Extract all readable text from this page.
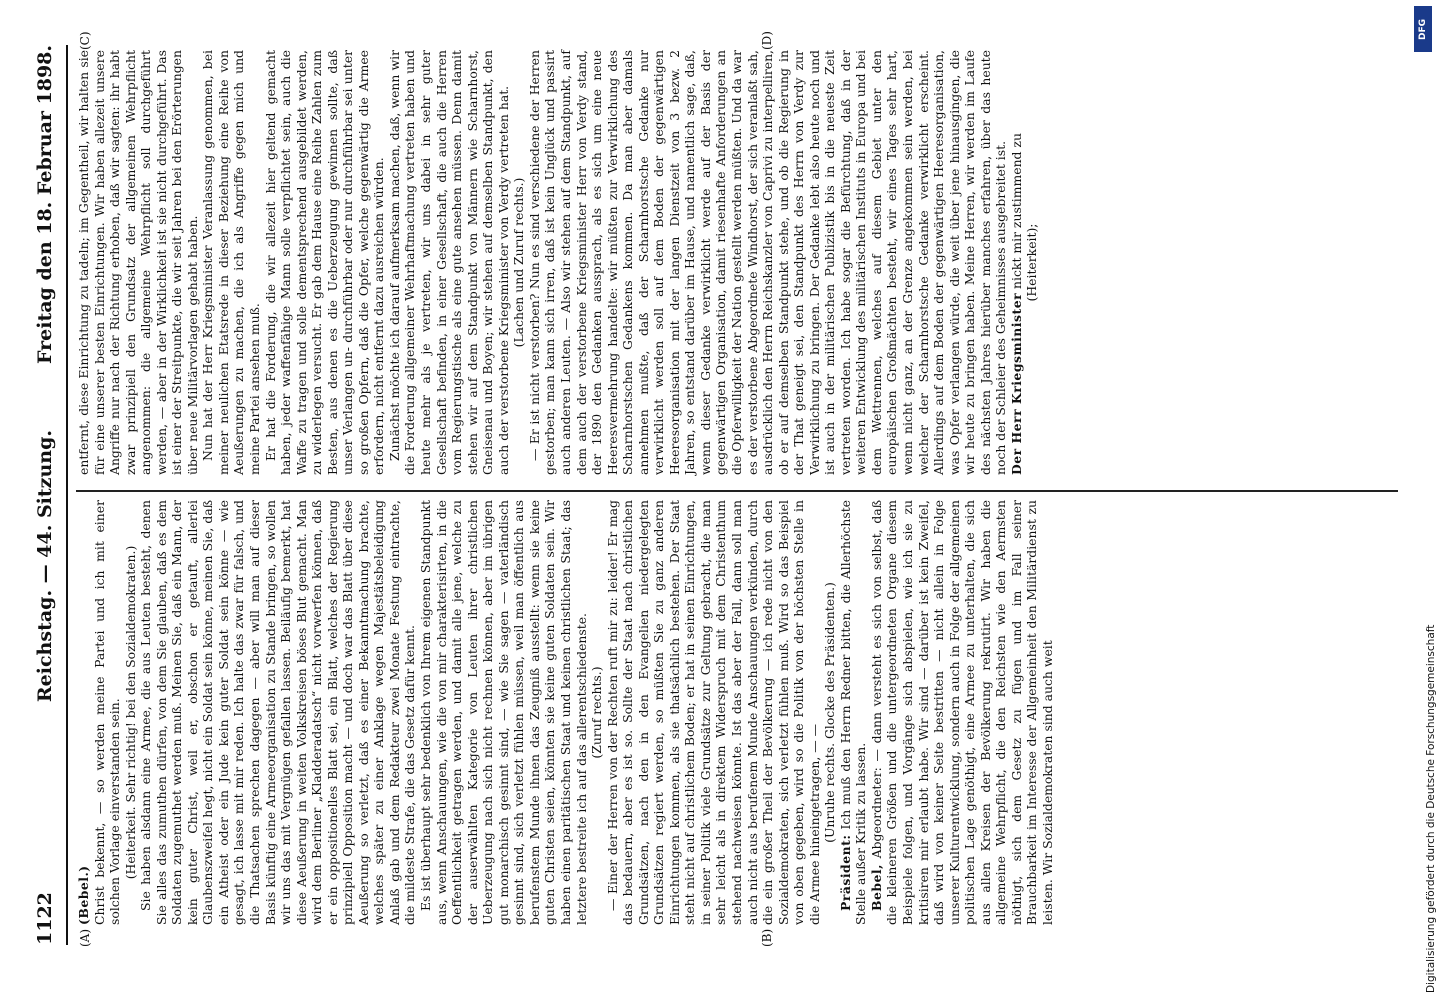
1122
Reichstag. — 44. Sitzung.
Freitag den 18. Februar 1898.
(A)	(B)
(C)	(D)

(Bebel.) Christ bekennt, — so werden meine Partei und ich mit einer solchen Vorlage einverstanden sein. (Heiterkeit. Sehr richtig! bei den Sozialdemokraten.) Sie haben alsdann eine Armee, die aus Leuten besteht, denen Sie alles das zumuthen dürfen, von dem Sie glauben, daß es dem Soldaten zugemuthet werden muß. Meinen Sie, daß ein Mann, der kein guter Christ, weil er, obschon er getauft, allerlei Glaubenszweifel hegt, nicht ein Soldat sein könne, meinen Sie, daß ein Atheist oder ein Jude kein guter Soldat sein könne — wie gesagt, ich lasse mit mir reden. Ich halte das zwar für falsch, und die Thatsachen sprechen dagegen — aber will man auf dieser Basis künftig eine Armeeorganisation zu Stande bringen, so wollen wir uns das mit Vergnügen gefallen lassen. Beiläufig bemerkt, hat diese Aeußerung in weiten Volkskreisen böses Blut gemacht. Man wird dem Berliner „Kladderadatsch“ nicht vorwerfen können, daß er ein oppositionelles Blatt sei, ein Blatt, welches der Regierung prinzipiell Opposition macht — und doch war das Blatt über diese Aeußerung so verletzt, daß es einer Bekanntmachung brachte, welches später zu einer Anklage wegen Majestätsbeleidigung Anlaß gab und dem Redakteur zwei Monate Festung eintrachte, die mildeste Strafe, die das Gesetz dafür kennt. Es ist überhaupt sehr bedenklich von Ihrem eigenen Standpunkt aus, wenn Anschauungen, wie die von mir charakterisirten, in die Oeffentlichkeit getragen werden, und damit alle jene, welche zu der auserwählten Kategorie von Leuten ihrer christlichen Ueberzeugung nach sich nicht rechnen können, aber im übrigen gut monarchisch gesinnt sind, — wie Sie sagen — vaterländisch gesinnt sind, sich verletzt fühlen müssen, weil man öffentlich aus berufenstem Munde ihnen das Zeugniß ausstellt: wenn sie keine guten Christen seien, könnten sie keine guten Soldaten sein. Wir haben einen paritätischen Staat und keinen christlichen Staat; das letztere bestreite ich auf das allerentschiedenste. (Zuruf rechts.) — Einer der Herren von der Rechten ruft mir zu: leider! Er mag das bedauern, aber es ist so. Sollte der Staat nach christlichen Grundsätzen, nach den in den Evangelien niedergelegten Grundsätzen regiert werden, so müßten Sie zu ganz anderen Einrichtungen kommen, als sie thatsächlich bestehen. Der Staat steht nicht auf christlichem Boden; er hat in seinen Einrichtungen, in seiner Politik viele Grundsätze zur Geltung gebracht, die man sehr leicht als in direktem Widerspruch mit dem Christenthum stehend nachweisen könnte. Ist das aber der Fall, dann soll man auch nicht aus berufenem Munde Anschauungen verkünden, durch die ein großer Theil der Bevölkerung — ich rede nicht von den Sozialdemokraten, sich verletzt fühlen muß. Wird so das Beispiel von oben gegeben, wird so die Politik von der höchsten Stelle in die Armee hineingetragen, — — (Unruhe rechts. Glocke des Präsidenten.)

Präsident: Ich muß den Herrn Redner bitten, die Allerhöchste Stelle außer Kritik zu lassen. Bebel, Abgeordneter: — dann versteht es sich von selbst, daß die kleineren Größen und die untergeordneten Organe diesem Beispiele folgen, und Vorgänge sich abspielen, wie ich sie zu kritisiren mir erlaubt habe. Wir sind — darüber ist kein Zweifel, daß wird von keiner Seite bestritten — nicht allein in Folge unserer Kulturentwicklung, sondern auch in Folge der allgemeinen politischen Lage genöthigt, eine Armee zu unterhalten, die sich aus allen Kreisen der Bevölkerung rekrutirt. Wir haben die allgemeine Wehrpflicht, die den Reichsten wie den Aermsten nöthigt, sich dem Gesetz zu fügen und im Fall seiner Brauchbarkeit im Interesse der Allgemeinheit den Militärdienst zu leisten. Wir Sozialdemokraten sind auch weit

entfernt, diese Einrichtung zu tadeln; im Gegentheil, wir halten sie für eine unserer besten Einrichtungen. Wir haben allezeit unsere Angriffe nur nach der Richtung erhoben, daß wir sagten: ihr habt zwar prinzipiell den Grundsatz der allgemeinen Wehrpflicht angenommen: die allgemeine Wehrpflicht soll durchgeführt werden, — aber in der Wirklichkeit ist sie nicht durchgeführt. Das ist einer der Streitpunkte, die wir seit Jahren bei den Erörterungen über neue Militärvorlagen gehabt haben. Nun hat der Herr Kriegsminister Veranlassung genommen, bei meiner neulichen Etatsrede in dieser Beziehung eine Reihe von Aeußerungen zu machen, die ich als Angriffe gegen mich und meine Partei ansehen muß. Er hat die Forderung, die wir allezeit hier geltend gemacht haben, jeder waffenfähige Mann solle verpflichtet sein, auch die Waffe zu tragen und solle dementsprechend ausgebildet werden, zu widerlegen versucht. Er gab dem Hause eine Reihe Zahlen zum Besten, aus denen es die Ueberzeugung gewinnen sollte, daß unser Verlangen un- durchführbar oder nur durchführbar sei unter so großen Opfern, daß die Opfer, welche gegenwärtig die Armee erfordern, nicht entfernt dazu ausreichen würden. Zunächst möchte ich darauf aufmerksam machen, daß, wenn wir die Forderung allgemeiner Wehrhaftmachung vertreten haben und heute mehr als je vertreten, wir uns dabei in sehr guter Gesellschaft befinden, in einer Gesellschaft, die auch die Herren vom Regierungstische als eine gute ansehen müssen. Denn damit stehen wir auf dem Standpunkt von Männern wie Scharnhorst, Gneisenau und Boyen; wir stehen auf demselben Standpunkt, den auch der verstorbene Kriegsminister von Verdy vertreten hat. (Lachen und Zuruf rechts.) — Er ist nicht verstorben? Nun es sind verschiedene der Herren gestorben; man kann sich irren, daß ist kein Unglück und passirt auch anderen Leuten. — Also wir stehen auf dem Standpunkt, auf dem auch der verstorbene Kriegsminister Herr von Verdy stand, der 1890 den Gedanken aussprach, als es sich um eine neue Heeresvermehrung handelte: wir müßten zur Verwirklichung des Scharnhorstschen Gedankens kommen. Da man aber damals annehmen mußte, daß der Scharnhorstsche Gedanke nur verwirklicht werden soll auf dem Boden der gegenwärtigen Heeresorganisation mit der langen Dienstzeit von 3 bezw. 2 Jahren, so entstand darüber im Hause, und namentlich sage, daß, wenn dieser Gedanke verwirklicht werde auf der Basis der gegenwärtigen Organisation, damit riesenhafte Anforderungen an die Opferwilligkeit der Nation gestellt werden müßten. Und da war es der verstorbene Abgeordnete Windhorst, der sich veranlaßt sah, ausdrücklich den Herrn Reichskanzler von Caprivi zu interpelliren, ob er auf demselben Standpunkt stehe, und ob die Regierung in der That geneigt sei, den Standpunkt des Herrn von Verdy zur Verwirklichung zu bringen. Der Gedanke lebt also heute noch und ist auch in der militärischen Publizistik bis in die neueste Zeit vertreten worden. Ich habe sogar die Befürchtung, daß in der weiteren Entwicklung des militärischen Instituts in Europa und bei dem Wettrennen, welches auf diesem Gebiet unter den europäischen Großmächten besteht, wir eines Tages sehr hart, wenn nicht ganz, an der Grenze angekommen sein werden, bei welcher der Scharnhorstsche Gedanke verwirklicht erscheint. Allerdings auf dem Boden der gegenwärtigen Heeresorganisation, was Opfer verlangen würde, die weit über jene hinausgingen, die wir heute zu bringen haben. Meine Herren, wir werden im Laufe des nächsten Jahres hierüber manches erfahren, über das heute noch der Schleier des Geheimnisses ausgebreitet ist. Der Herr Kriegsminister nickt mir zustimmend zu (Heiterkeit);

Digitalisierung gefördert durch die Deutsche Forschungsgemeinschaft
DFG
